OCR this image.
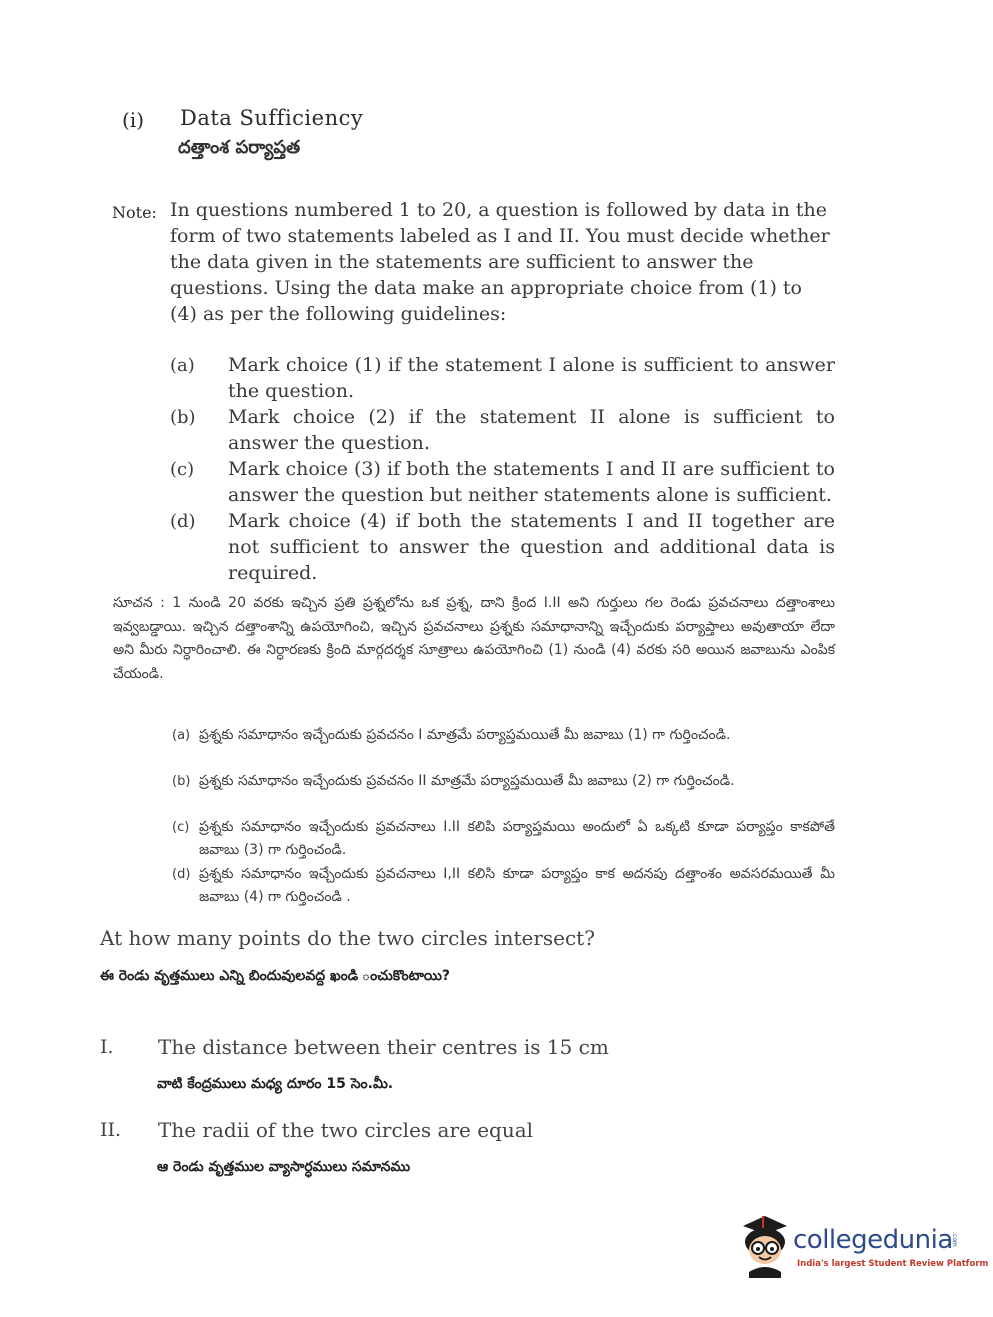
(i) Data Sufficiency
దత్తాంశ పర్యాప్తత
Note: In questions numbered 1 to 20, a question is followed by data in the form of two statements labeled as I and II. You must decide whether the data given in the statements are sufficient to answer the questions. Using the data make an appropriate choice from (1) to (4) as per the following guidelines:
(a) Mark choice (1) if the statement I alone is sufficient to answer the question.
(b) Mark choice (2) if the statement II alone is sufficient to answer the question.
(c) Mark choice (3) if both the statements I and II are sufficient to answer the question but neither statements alone is sufficient.
(d) Mark choice (4) if both the statements I and II together are not sufficient to answer the question and additional data is required.
సూచన : 1 నుండి 20 వరకు ఇచ్చిన ప్రతి ప్రశ్నలోను ఒక ప్రశ్న, దాని క్రింద I.II అని గుర్తులు గల రెండు ప్రవచనాలు దత్తాంశాలు ఇవ్వబడ్డాయి. ఇచ్చిన దత్తాంశాన్ని ఉపయోగించి, ఇచ్చిన ప్రవచనాలు ప్రశ్నకు సమాధానాన్ని ఇచ్చేందుకు పర్యాప్తాలు అవుతాయా లేదా అని మీరు నిర్ధారించాలి. ఈ నిర్ధారణకు క్రింది మార్గదర్శక సూత్రాలు ఉపయోగించి (1) నుండి (4) వరకు సరి అయిన జవాబును ఎంపిక చేయండి.
(a) ప్రశ్నకు సమాధానం ఇచ్చేందుకు ప్రవచనం I మాత్రమే పర్యాప్తమయితే మీ జవాబు (1) గా గుర్తించండి.
(b) ప్రశ్నకు సమాధానం ఇచ్చేందుకు ప్రవచనం II మాత్రమే పర్యాప్తమయితే మీ జవాబు (2) గా గుర్తించండి.
(c) ప్రశ్నకు సమాధానం ఇచ్చేందుకు ప్రవచనాలు I.II కలిపి పర్యాప్తమయి అందులో ఏ ఒక్కటి కూడా పర్యాప్తం కాకపోతే జవాబు (3) గా గుర్తించండి.
(d) ప్రశ్నకు సమాధానం ఇచ్చేందుకు ప్రవచనాలు I,II కలిసి కూడా పర్యాప్తం కాక అదనపు దత్తాంశం అవసరమయితే మీ జవాబు (4) గా గుర్తించండి .
At how many points do the two circles intersect?
ఈ రెండు వృత్తములు ఎన్ని బిందువులవద్ద ఖండి ంచుకొంటాయి?
I. The distance between their centres is 15 cm
వాటి కేంద్రములు మధ్య దూరం 15 సెం.మీ.
II. The radii of the two circles are equal
ఆ రెండు వృత్తముల వ్యాసార్ధములు సమానము
collegedunia
.com
India's largest Student Review Platform
